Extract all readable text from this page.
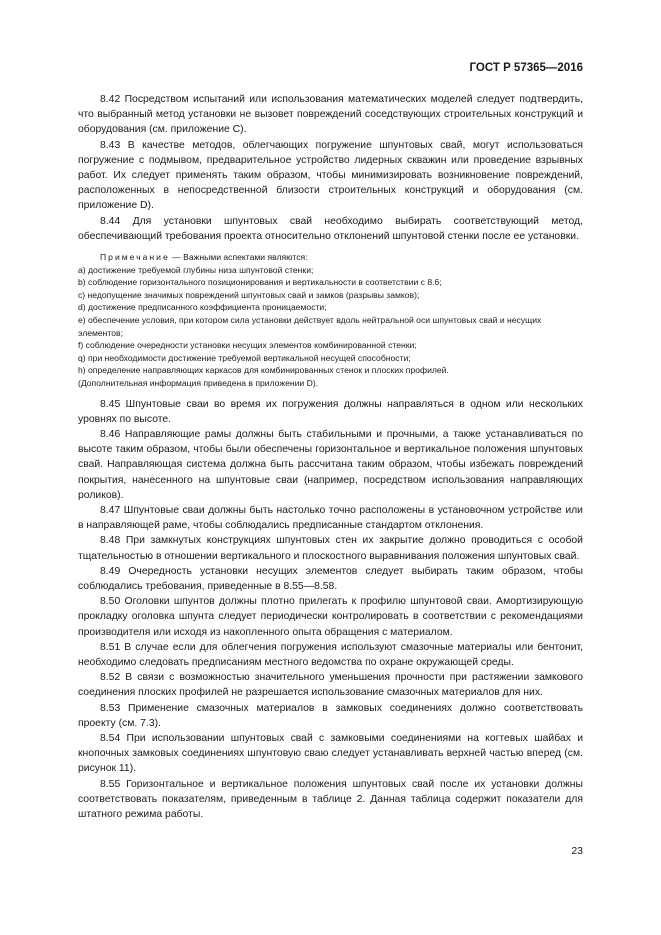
ГОСТ Р 57365—2016

8.42 Посредством испытаний или использования математических моделей следует подтвердить, что выбранный метод установки не вызовет повреждений соседствующих строительных конструкций и оборудования (см. приложение С).

8.43 В качестве методов, облегчающих погружение шпунтовых свай, могут использоваться погружение с подмывом, предварительное устройство лидерных скважин или проведение взрывных работ. Их следует применять таким образом, чтобы минимизировать возникновение повреждений, расположенных в непосредственной близости строительных конструкций и оборудования (см. приложение D).

8.44 Для установки шпунтовых свай необходимо выбирать соответствующий метод, обеспечивающий требования проекта относительно отклонений шпунтовой стенки после ее установки.

Примечание — Важными аспектами являются:

a) достижение требуемой глубины низа шпунтовой стенки;

b) соблюдение горизонтального позиционирования и вертикальности в соответствии с 8.6;

c) недопущение значимых повреждений шпунтовых свай и замков (разрывы замков);

d) достижение предписанного коэффициента проницаемости;

e) обеспечение условия, при котором сила установки действует вдоль нейтральной оси шпунтовых свай и несущих элементов;

f) соблюдение очередности установки несущих элементов комбинированной стенки;

q) при необходимости достижение требуемой вертикальной несущей способности;

h) определение направляющих каркасов для комбинированных стенок и плоских профилей.

(Дополнительная информация приведена в приложении D).

8.45 Шпунтовые сваи во время их погружения должны направляться в одном или нескольких уровнях по высоте.

8.46 Направляющие рамы должны быть стабильными и прочными, а также устанавливаться по высоте таким образом, чтобы были обеспечены горизонтальное и вертикальное положения шпунтовых свай. Направляющая система должна быть рассчитана таким образом, чтобы избежать повреждений покрытия, нанесенного на шпунтовые сваи (например, посредством использования направляющих роликов).

8.47 Шпунтовые сваи должны быть настолько точно расположены в установочном устройстве или в направляющей раме, чтобы соблюдались предписанные стандартом отклонения.

8.48 При замкнутых конструкциях шпунтовых стен их закрытие должно проводиться с особой тщательностью в отношении вертикального и плоскостного выравнивания положения шпунтовых свай.

8.49 Очередность установки несущих элементов следует выбирать таким образом, чтобы соблюдались требования, приведенные в 8.55—8.58.

8.50 Оголовки шпунтов должны плотно прилегать к профилю шпунтовой сваи. Амортизирующую прокладку оголовка шпунта следует периодически контролировать в соответствии с рекомендациями производителя или исходя из накопленного опыта обращения с материалом.

8.51 В случае если для облегчения погружения используют смазочные материалы или бентонит, необходимо следовать предписаниям местного ведомства по охране окружающей среды.

8.52 В связи с возможностью значительного уменьшения прочности при растяжении замкового соединения плоских профилей не разрешается использование смазочных материалов для них.

8.53 Применение смазочных материалов в замковых соединениях должно соответствовать проекту (см. 7.3).

8.54 При использовании шпунтовых свай с замковыми соединениями на когтевых шайбах и кнопочных замковых соединениях шпунтовую сваю следует устанавливать верхней частью вперед (см. рисунок 11).

8.55 Горизонтальное и вертикальное положения шпунтовых свай после их установки должны соответствовать показателям, приведенным в таблице 2. Данная таблица содержит показатели для штатного режима работы.

23
